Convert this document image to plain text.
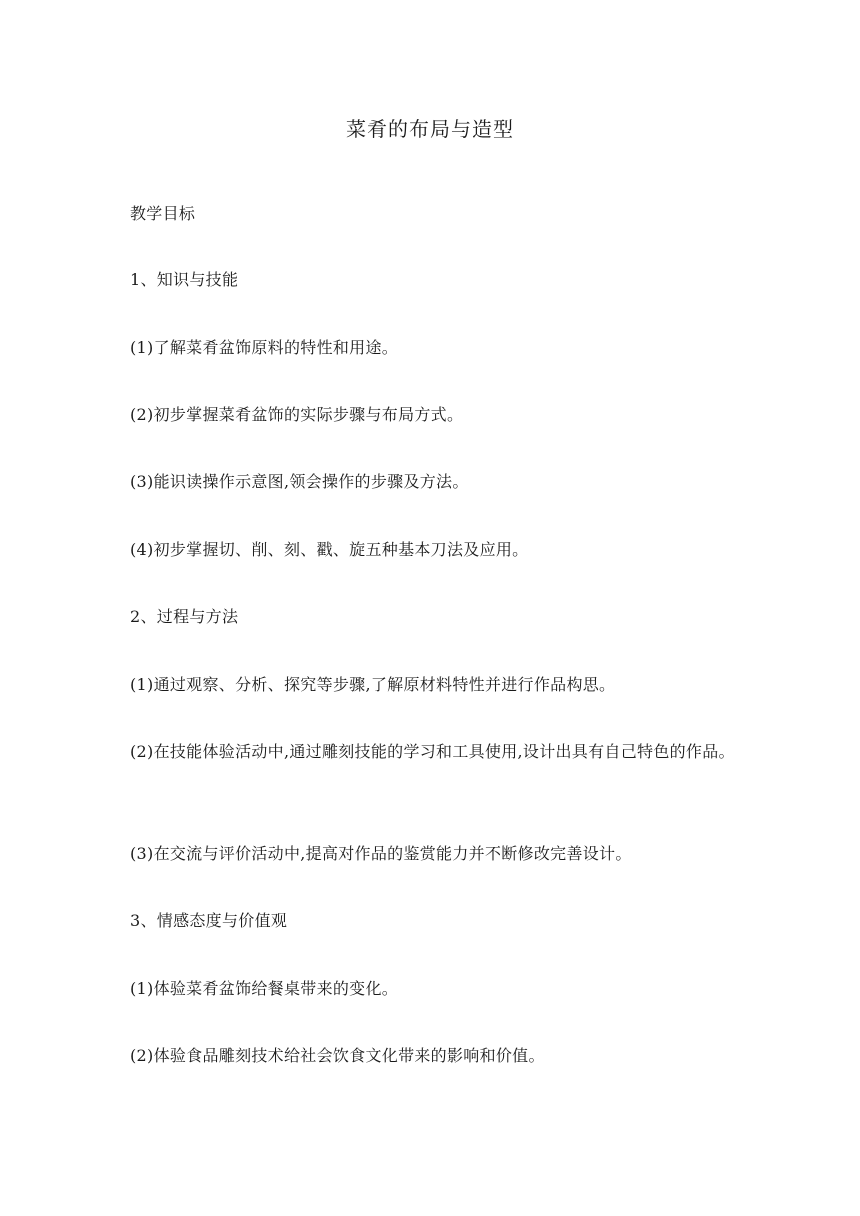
菜肴的布局与造型
教学目标
1、知识与技能
(1)了解菜肴盆饰原料的特性和用途。
(2)初步掌握菜肴盆饰的实际步骤与布局方式。
(3)能识读操作示意图,领会操作的步骤及方法。
(4)初步掌握切、削、刻、戳、旋五种基本刀法及应用。
2、过程与方法
(1)通过观察、分析、探究等步骤,了解原材料特性并进行作品构思。
(2)在技能体验活动中,通过雕刻技能的学习和工具使用,设计出具有自己特色的作品。
(3)在交流与评价活动中,提高对作品的鉴赏能力并不断修改完善设计。
3、情感态度与价值观
(1)体验菜肴盆饰给餐桌带来的变化。
(2)体验食品雕刻技术给社会饮食文化带来的影响和价值。
